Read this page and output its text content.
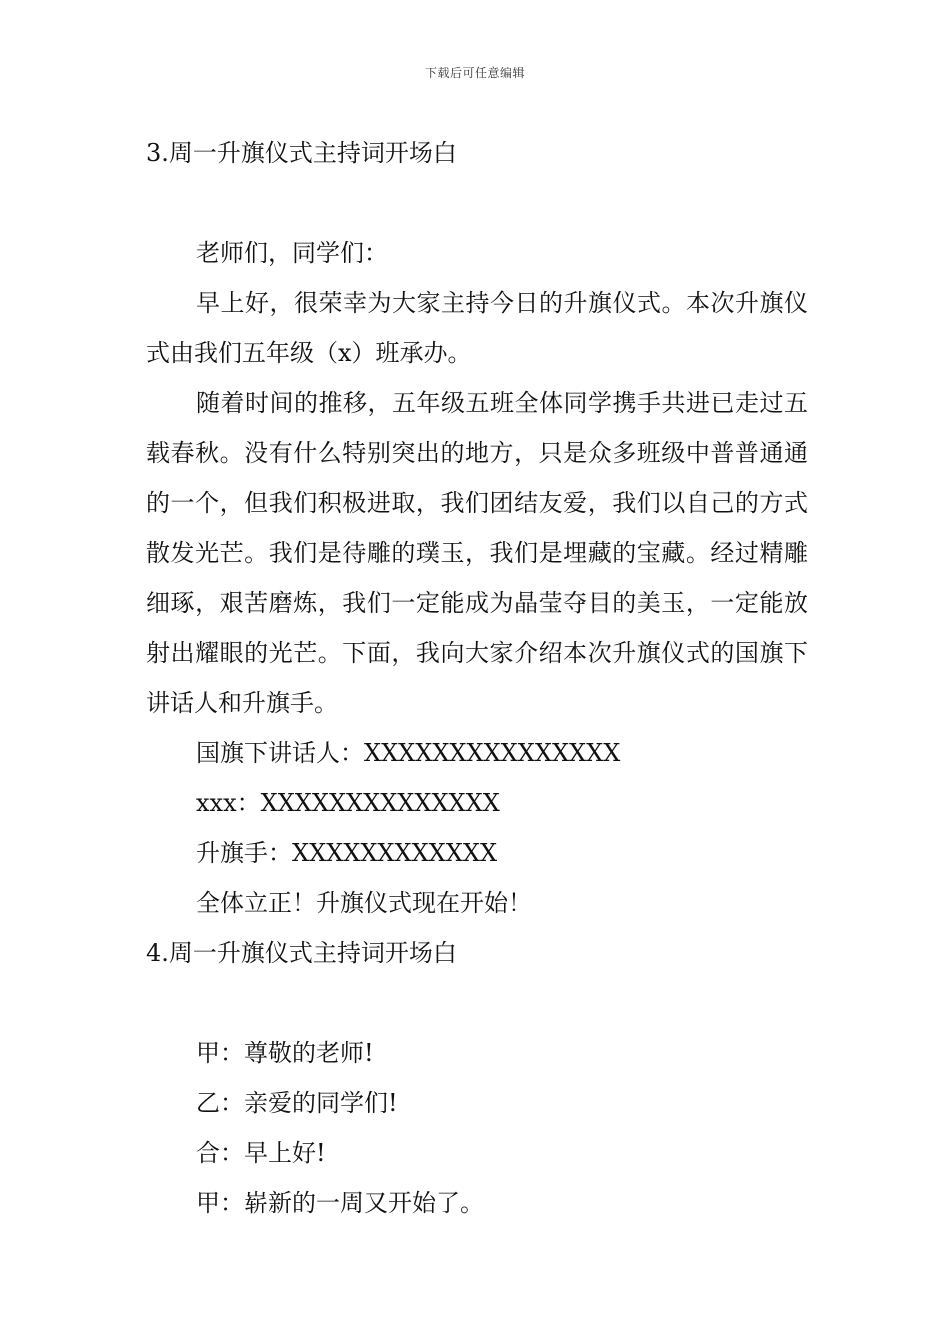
下载后可任意编辑

3.周一升旗仪式主持词开场白

老师们，同学们：

早上好，很荣幸为大家主持今日的升旗仪式。本次升旗仪式由我们五年级（x）班承办。

随着时间的推移，五年级五班全体同学携手共进已走过五载春秋。没有什么特别突出的地方，只是众多班级中普普通通的一个，但我们积极进取，我们团结友爱，我们以自己的方式散发光芒。我们是待雕的璞玉，我们是埋藏的宝藏。经过精雕细琢，艰苦磨炼，我们一定能成为晶莹夺目的美玉，一定能放射出耀眼的光芒。下面，我向大家介绍本次升旗仪式的国旗下讲话人和升旗手。

国旗下讲话人：XXXXXXXXXXXXXXX

xxx：XXXXXXXXXXXXXX

升旗手：XXXXXXXXXXXX

全体立正！升旗仪式现在开始！

4.周一升旗仪式主持词开场白

甲：尊敬的老师!

乙：亲爱的同学们!

合：早上好!

甲：崭新的一周又开始了。
